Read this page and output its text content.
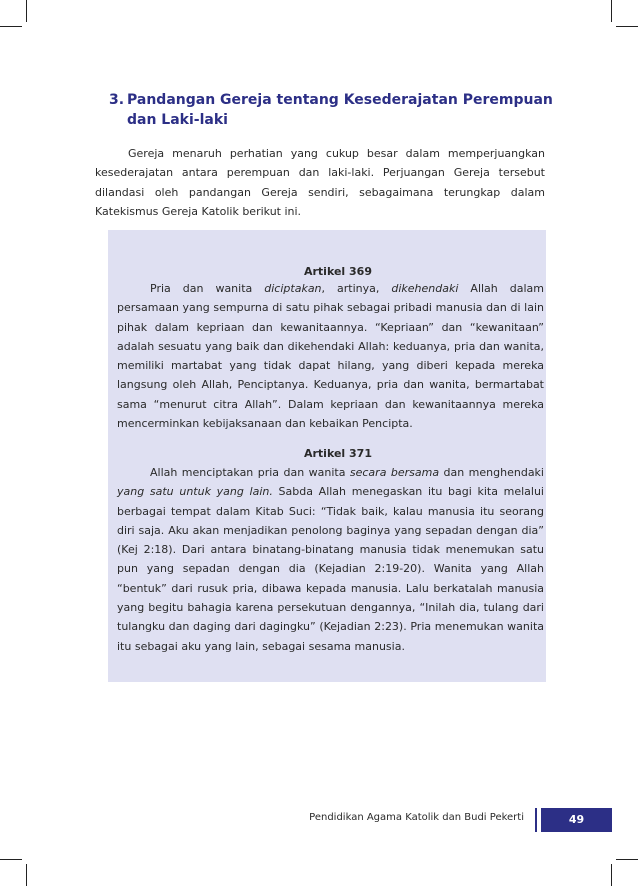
3. Pandangan Gereja tentang Kesederajatan Perempuan
dan Laki-laki

Gereja menaruh perhatian yang cukup besar dalam memperjuangkan kesederajatan antara perempuan dan laki-laki. Perjuangan Gereja tersebut dilandasi oleh pandangan Gereja sendiri, sebagaimana terungkap dalam Katekismus Gereja Katolik berikut ini.

Artikel 369

Pria dan wanita diciptakan, artinya, dikehendaki Allah dalam persamaan yang sempurna di satu pihak sebagai pribadi manusia dan di lain pihak dalam kepriaan dan kewanitaannya. “Kepriaan” dan “kewanitaan” adalah sesuatu yang baik dan dikehendaki Allah: keduanya, pria dan wanita, memiliki martabat yang tidak dapat hilang, yang diberi kepada mereka langsung oleh Allah, Penciptanya. Keduanya, pria dan wanita, bermartabat sama “menurut citra Allah”. Dalam kepriaan dan kewanitaannya mereka mencerminkan kebijaksanaan dan kebaikan Pencipta.

Artikel 371

Allah menciptakan pria dan wanita secara bersama dan menghendaki yang satu untuk yang lain. Sabda Allah menegaskan itu bagi kita melalui berbagai tempat dalam Kitab Suci: “Tidak baik, kalau manusia itu seorang diri saja. Aku akan menjadikan penolong baginya yang sepadan dengan dia” (Kej 2:18). Dari antara binatang-binatang manusia tidak menemukan satu pun yang sepadan dengan dia (Kejadian 2:19-20). Wanita yang Allah “bentuk” dari rusuk pria, dibawa kepada manusia. Lalu berkatalah manusia yang begitu bahagia karena persekutuan dengannya, “Inilah dia, tulang dari tulangku dan daging dari dagingku” (Kejadian 2:23). Pria menemukan wanita itu sebagai aku yang lain, sebagai sesama manusia.

Pendidikan Agama Katolik dan Budi Pekerti	49
